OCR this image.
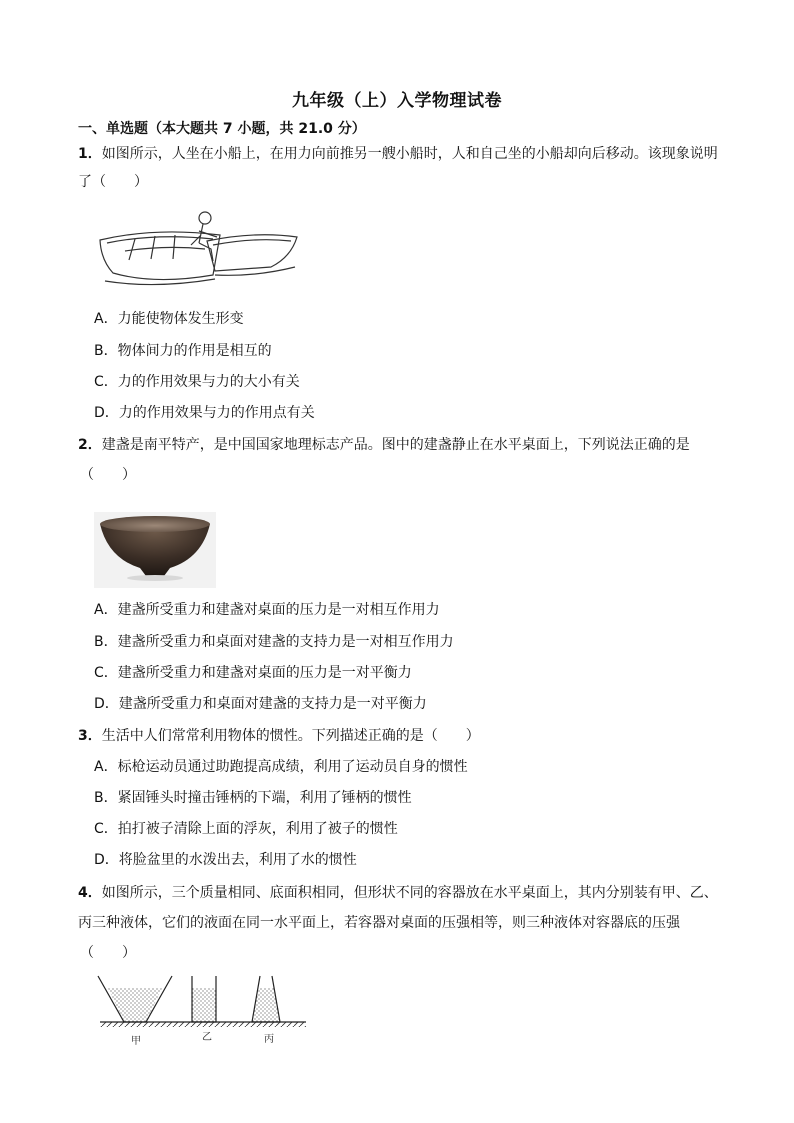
九年级（上）入学物理试卷
一、单选题（本大题共 7 小题，共 21.0 分）
1．如图所示，人坐在小船上，在用力向前推另一艘小船时，人和自己坐的小船却向后移动。该现象说明
了（　　）
A．力能使物体发生形变
B．物体间力的作用是相互的
C．力的作用效果与力的大小有关
D．力的作用效果与力的作用点有关
2．建盏是南平特产，是中国国家地理标志产品。图中的建盏静止在水平桌面上，下列说法正确的是
（　　）
A．建盏所受重力和建盏对桌面的压力是一对相互作用力
B．建盏所受重力和桌面对建盏的支持力是一对相互作用力
C．建盏所受重力和建盏对桌面的压力是一对平衡力
D．建盏所受重力和桌面对建盏的支持力是一对平衡力
3．生活中人们常常利用物体的惯性。下列描述正确的是（　　）
A．标枪运动员通过助跑提高成绩，利用了运动员自身的惯性
B．紧固锤头时撞击锤柄的下端，利用了锤柄的惯性
C．拍打被子清除上面的浮灰，利用了被子的惯性
D．将脸盆里的水泼出去，利用了水的惯性
4．如图所示，三个质量相同、底面积相同，但形状不同的容器放在水平桌面上，其内分别装有甲、乙、
丙三种液体，它们的液面在同一水平面上，若容器对桌面的压强相等，则三种液体对容器底的压强
（　　）
甲	乙	丙
